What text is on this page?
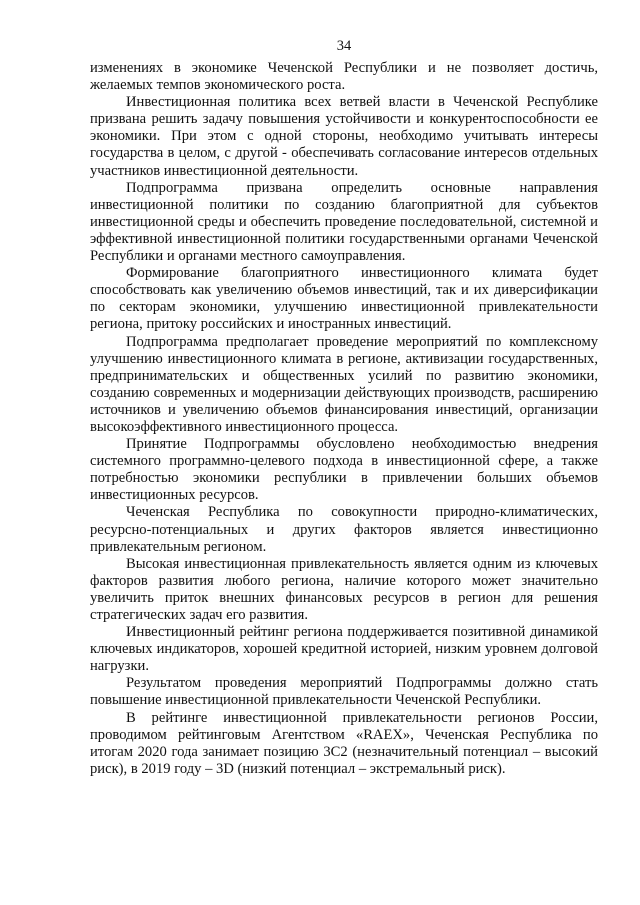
34

изменениях в экономике Чеченской Республики и не позволяет достичь, желаемых темпов экономического роста.

Инвестиционная политика всех ветвей власти в Чеченской Республике призвана решить задачу повышения устойчивости и конкурентоспособности ее экономики. При этом с одной стороны, необходимо учитывать интересы государства в целом, с другой - обеспечивать согласование интересов отдельных участников инвестиционной деятельности.

Подпрограмма призвана определить основные направления инвестиционной политики по созданию благоприятной для субъектов инвестиционной среды и обеспечить проведение последовательной, системной и эффективной инвестиционной политики государственными органами Чеченской Республики и органами местного самоуправления.

Формирование благоприятного инвестиционного климата будет способствовать как увеличению объемов инвестиций, так и их диверсификации по секторам экономики, улучшению инвестиционной привлекательности региона, притоку российских и иностранных инвестиций.

Подпрограмма предполагает проведение мероприятий по комплексному улучшению инвестиционного климата в регионе, активизации государственных, предпринимательских и общественных усилий по развитию экономики, созданию современных и модернизации действующих производств, расширению источников и увеличению объемов финансирования инвестиций, организации высокоэффективного инвестиционного процесса.

Принятие Подпрограммы обусловлено необходимостью внедрения системного программно-целевого подхода в инвестиционной сфере, а также потребностью экономики республики в привлечении больших объемов инвестиционных ресурсов.

Чеченская Республика по совокупности природно-климатических, ресурсно-потенциальных и других факторов является инвестиционно привлекательным регионом.

Высокая инвестиционная привлекательность является одним из ключевых факторов развития любого региона, наличие которого может значительно увеличить приток внешних финансовых ресурсов в регион для решения стратегических задач его развития.

Инвестиционный рейтинг региона поддерживается позитивной динамикой ключевых индикаторов, хорошей кредитной историей, низким уровнем долговой нагрузки.

Результатом проведения мероприятий Подпрограммы должно стать повышение инвестиционной привлекательности Чеченской Республики.

В рейтинге инвестиционной привлекательности регионов России, проводимом рейтинговым Агентством «RAEX», Чеченская Республика по итогам 2020 года занимает позицию 3С2 (незначительный потенциал – высокий риск), в 2019 году – 3D (низкий потенциал – экстремальный риск).
